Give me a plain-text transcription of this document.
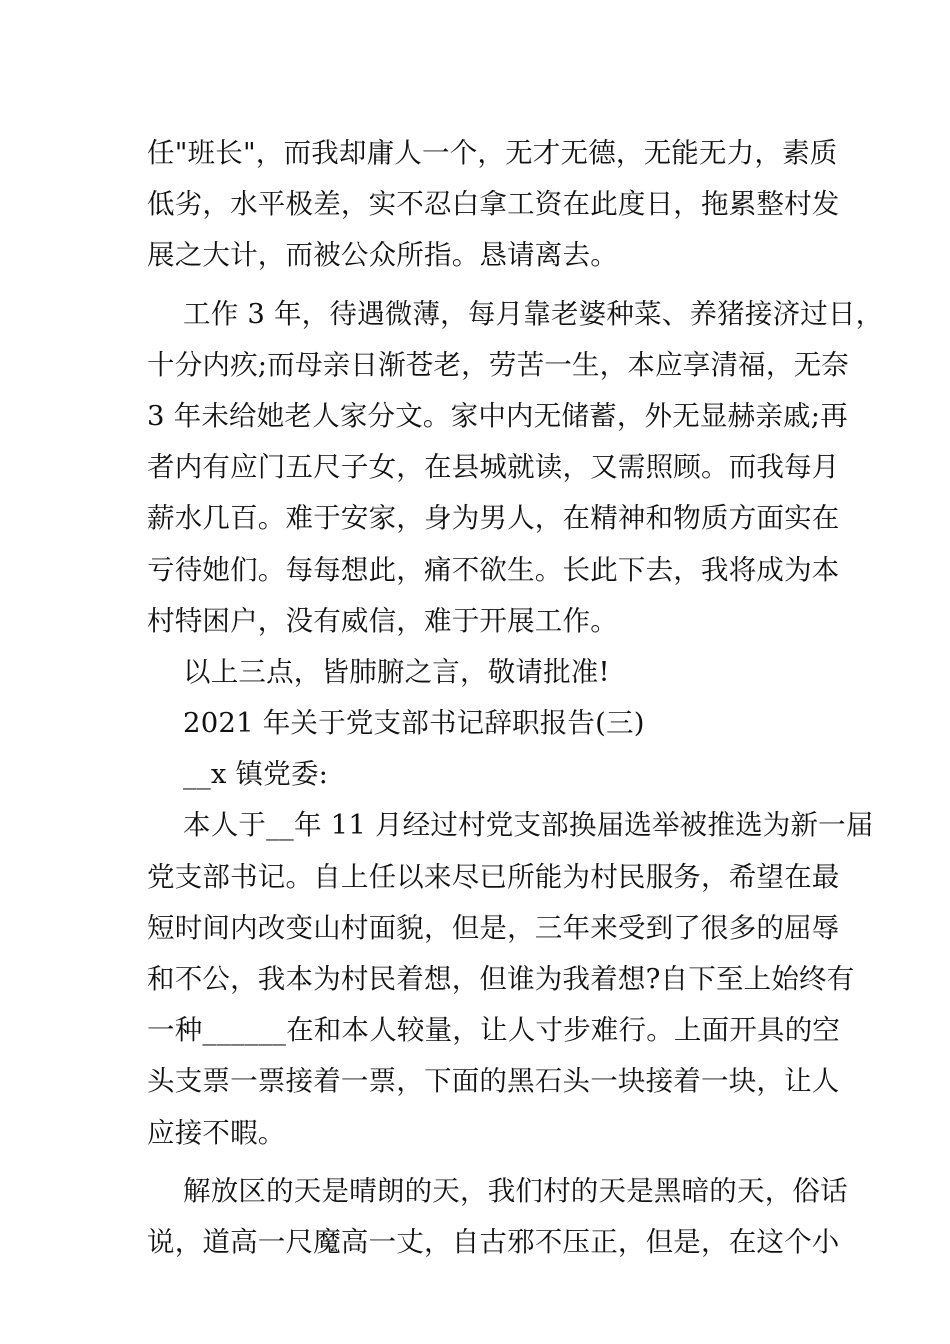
任"班长"，而我却庸人一个，无才无德，无能无力，素质
低劣，水平极差，实不忍白拿工资在此度日，拖累整村发
展之大计，而被公众所指。恳请离去。
工作 3 年，待遇微薄，每月靠老婆种菜、养猪接济过日，
十分内疚;而母亲日渐苍老，劳苦一生，本应享清福，无奈
3 年未给她老人家分文。家中内无储蓄，外无显赫亲戚;再
者内有应门五尺子女，在县城就读，又需照顾。而我每月
薪水几百。难于安家，身为男人，在精神和物质方面实在
亏待她们。每每想此，痛不欲生。长此下去，我将成为本
村特困户，没有威信，难于开展工作。
以上三点，皆肺腑之言，敬请批准!
2021 年关于党支部书记辞职报告(三)
__x 镇党委:
本人于__年 11 月经过村党支部换届选举被推选为新一届
党支部书记。自上任以来尽已所能为村民服务，希望在最
短时间内改变山村面貌，但是，三年来受到了很多的屈辱
和不公，我本为村民着想，但谁为我着想?自下至上始终有
一种______在和本人较量，让人寸步难行。上面开具的空
头支票一票接着一票，下面的黑石头一块接着一块，让人
应接不暇。
解放区的天是晴朗的天，我们村的天是黑暗的天，俗话
说，道高一尺魔高一丈，自古邪不压正，但是，在这个小
